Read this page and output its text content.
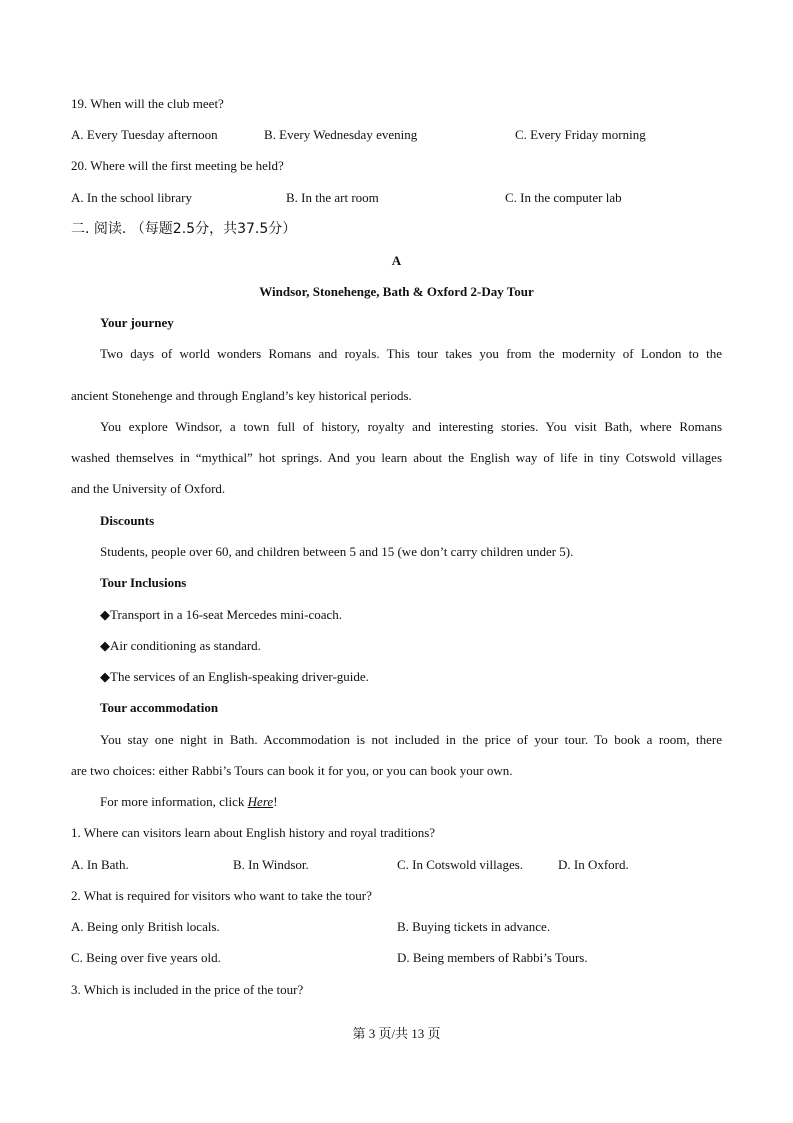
19. When will the club meet?
A. Every Tuesday afternoon	B. Every Wednesday evening	C. Every Friday morning
20. Where will the first meeting be held?
A. In the school library	B. In the art room	C. In the computer lab
二. 阅读. （每题2.5分，共37.5分）
A
Windsor, Stonehenge, Bath & Oxford 2-Day Tour
Your journey
Two days of world wonders Romans and royals. This tour takes you from the modernity of London to the
ancient Stonehenge and through England’s key historical periods.
You explore Windsor, a town full of history, royalty and interesting stories. You visit Bath, where Romans
washed themselves in “mythical” hot springs. And you learn about the English way of life in tiny Cotswold villages
and the University of Oxford.
Discounts
Students, people over 60, and children between 5 and 15 (we don’t carry children under 5).
Tour Inclusions
◆Transport in a 16-seat Mercedes mini-coach.
◆Air conditioning as standard.
◆The services of an English-speaking driver-guide.
Tour accommodation
You stay one night in Bath. Accommodation is not included in the price of your tour. To book a room, there
are two choices: either Rabbi’s Tours can book it for you, or you can book your own.
For more information, click Here!
1. Where can visitors learn about English history and royal traditions?
A. In Bath.	B. In Windsor.	C. In Cotswold villages.	D. In Oxford.
2. What is required for visitors who want to take the tour?
A. Being only British locals.	B. Buying tickets in advance.
C. Being over five years old.	D. Being members of Rabbi’s Tours.
3. Which is included in the price of the tour?
第 3 页/共 13 页
